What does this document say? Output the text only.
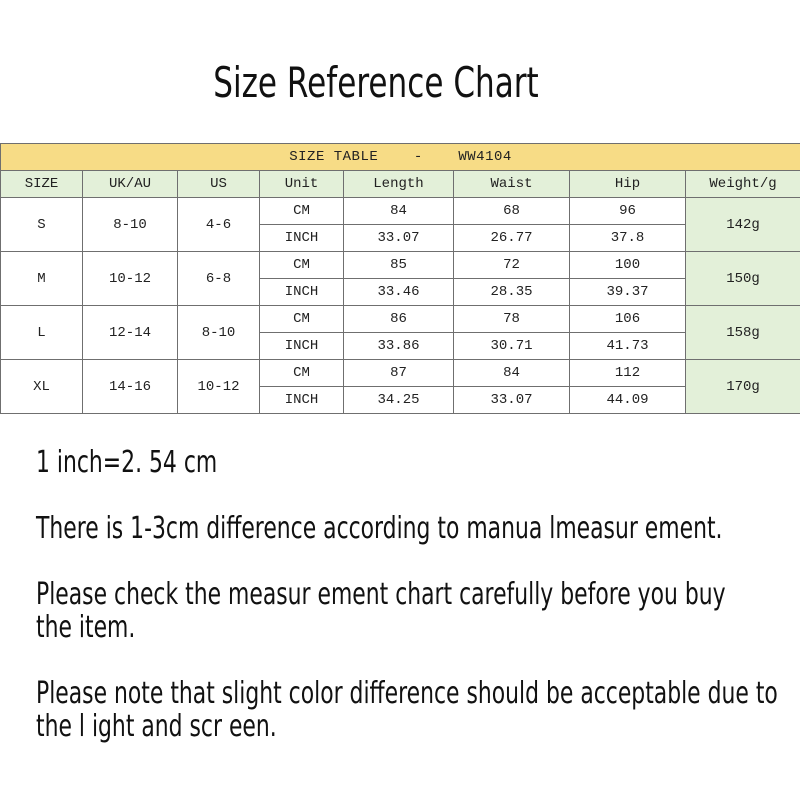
Size Reference Chart
SIZE TABLE    -    WW4104							
SIZE	UK/AU	US	Unit	Length	Waist	Hip	Weight/g
S	8-10	4-6	CM	84	68	96	142g
			INCH	33.07	26.77	37.8	
M	10-12	6-8	CM	85	72	100	150g
			INCH	33.46	28.35	39.37	
L	12-14	8-10	CM	86	78	106	158g
			INCH	33.86	30.71	41.73	
XL	14-16	10-12	CM	87	84	112	170g
			INCH	34.25	33.07	44.09	

1 inch=2. 54 cm

There is 1-3cm difference according to manua lmeasur ement.

Please check the measur ement chart carefully before you buy the item.

Please note that slight color difference should be acceptable due to the l ight and scr een.
